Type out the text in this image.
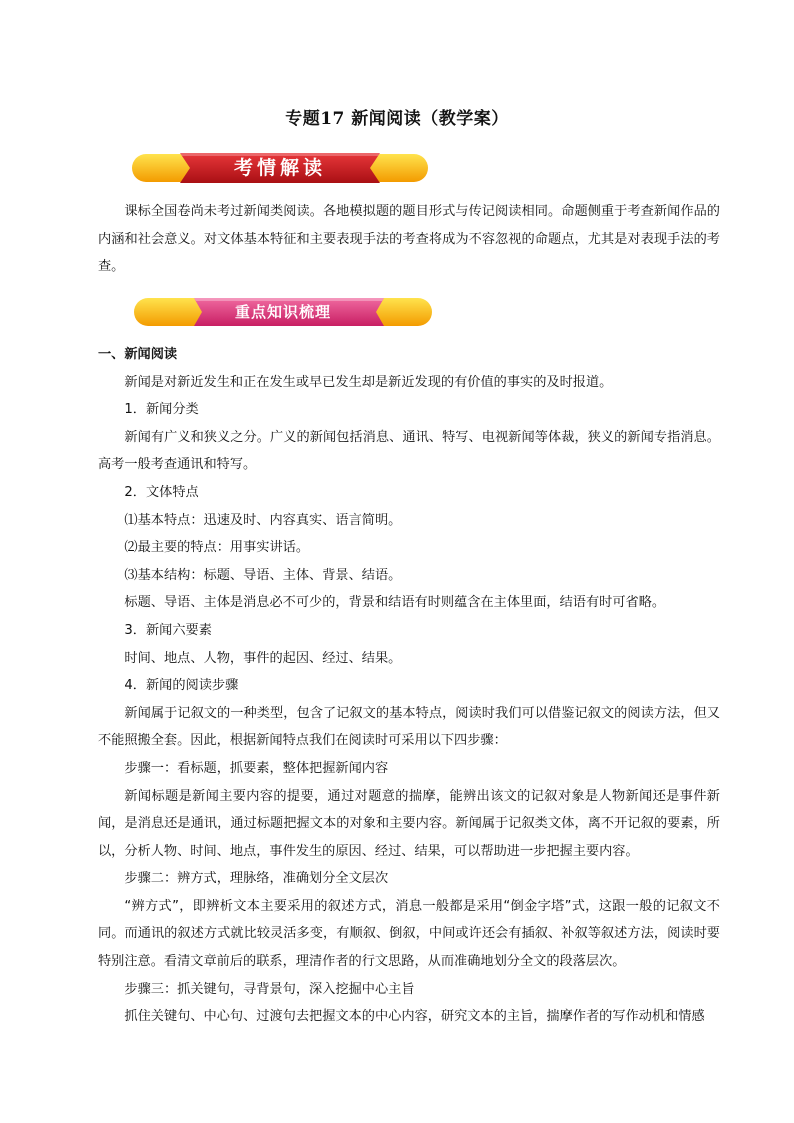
专题17 新闻阅读（教学案）
考情解读

课标全国卷尚未考过新闻类阅读。各地模拟题的题目形式与传记阅读相同。命题侧重于考查新闻作品的内涵和社会意义。对文体基本特征和主要表现手法的考查将成为不容忽视的命题点，尤其是对表现手法的考查。

重点知识梳理

一、新闻阅读

新闻是对新近发生和正在发生或早已发生却是新近发现的有价值的事实的及时报道。

1．新闻分类

新闻有广义和狭义之分。广义的新闻包括消息、通讯、特写、电视新闻等体裁，狭义的新闻专指消息。高考一般考查通讯和特写。

2．文体特点

⑴基本特点：迅速及时、内容真实、语言简明。

⑵最主要的特点：用事实讲话。

⑶基本结构：标题、导语、主体、背景、结语。

标题、导语、主体是消息必不可少的，背景和结语有时则蕴含在主体里面，结语有时可省略。

3．新闻六要素

时间、地点、人物，事件的起因、经过、结果。

4．新闻的阅读步骤

新闻属于记叙文的一种类型，包含了记叙文的基本特点，阅读时我们可以借鉴记叙文的阅读方法，但又不能照搬全套。因此，根据新闻特点我们在阅读时可采用以下四步骤：

步骤一：看标题，抓要素，整体把握新闻内容

新闻标题是新闻主要内容的提要，通过对题意的揣摩，能辨出该文的记叙对象是人物新闻还是事件新闻，是消息还是通讯，通过标题把握文本的对象和主要内容。新闻属于记叙类文体，离不开记叙的要素，所以，分析人物、时间、地点，事件发生的原因、经过、结果，可以帮助进一步把握主要内容。

步骤二：辨方式，理脉络，准确划分全文层次

“辨方式”，即辨析文本主要采用的叙述方式，消息一般都是采用“倒金字塔”式，这跟一般的记叙文不同。而通讯的叙述方式就比较灵活多变，有顺叙、倒叙，中间或许还会有插叙、补叙等叙述方法，阅读时要特别注意。看清文章前后的联系，理清作者的行文思路，从而准确地划分全文的段落层次。

步骤三：抓关键句，寻背景句，深入挖掘中心主旨

抓住关键句、中心句、过渡句去把握文本的中心内容，研究文本的主旨，揣摩作者的写作动机和情感
